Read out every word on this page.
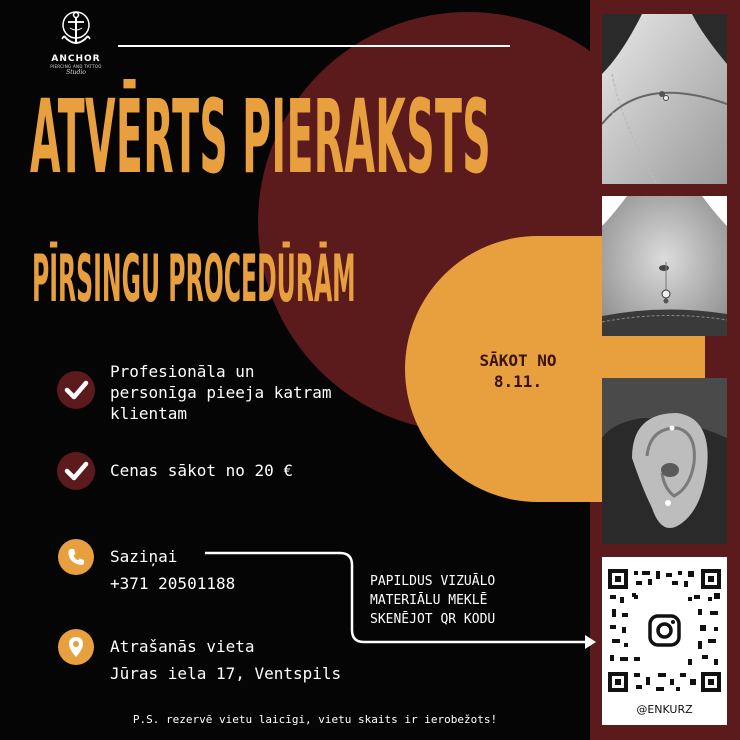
ANCHOR
PIERCING AND TATTOO
Studio
ATVĒRTS PIERAKSTS
PĪRSINGU PROCEDŪRĀM
SĀKOT NO
8.11.
Profesionāla un
personīga pieeja katram
klientam
Cenas sākot no 20 €
Saziņai
+371 20501188
Atrašanās vieta
Jūras iela 17, Ventspils
PAPILDUS VIZUĀLO
MATERIĀLU MEKLĒ
SKENĒJOT QR KODU
@ENKURZ
P.S. rezervē vietu laicīgi, vietu skaits ir ierobežots!
